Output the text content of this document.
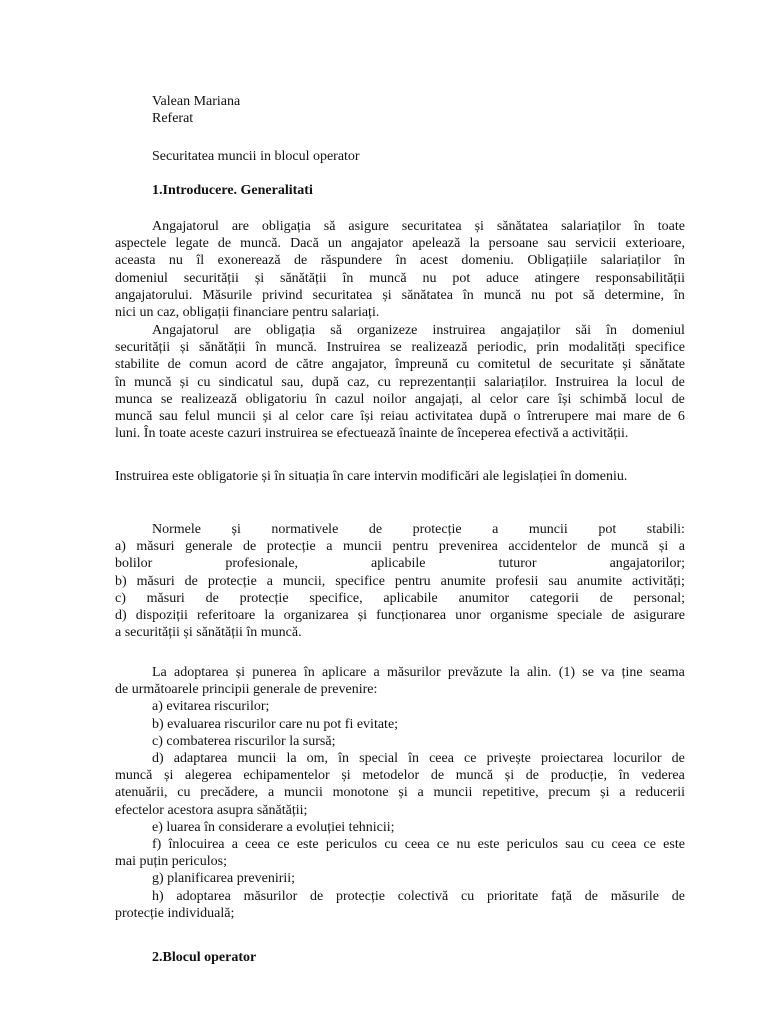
Valean Mariana
Referat
Securitatea muncii in blocul operator
1.Introducere. Generalitati
Angajatorul are obligația să asigure securitatea și sănătatea salariaților în toate
aspectele legate de muncă. Dacă un angajator apelează la persoane sau servicii exterioare,
aceasta nu îl exonerează de răspundere în acest domeniu. Obligațiile salariaților în
domeniul securității și sănătății în muncă nu pot aduce atingere responsabilității
angajatorului. Măsurile privind securitatea și sănătatea în muncă nu pot să determine, în
nici un caz, obligații financiare pentru salariați.
Angajatorul are obligația să organizeze instruirea angajaților săi în domeniul
securității și sănătății în muncă. Instruirea se realizează periodic, prin modalități specifice
stabilite de comun acord de către angajator, împreună cu comitetul de securitate și sănătate
în muncă și cu sindicatul sau, după caz, cu reprezentanții salariaților. Instruirea la locul de
munca se realizează obligatoriu în cazul noilor angajați, al celor care își schimbă locul de
muncă sau felul muncii și al celor care își reiau activitatea după o întrerupere mai mare de 6
luni. În toate aceste cazuri instruirea se efectuează înainte de începerea efectivă a activității.
Instruirea este obligatorie și în situația în care intervin modificări ale legislației în domeniu.
Normele și normativele de protecție a muncii pot stabili:
a) măsuri generale de protecție a muncii pentru prevenirea accidentelor de muncă și a
bolilor	profesionale,	aplicabile	tuturor	angajatorilor;
b) măsuri de protecție a muncii, specifice pentru anumite profesii sau anumite activități;
c) măsuri de protecție specifice, aplicabile anumitor categorii de personal;
d) dispoziții referitoare la organizarea și funcționarea unor organisme speciale de asigurare
a securității și sănătății în muncă.
La adoptarea și punerea în aplicare a măsurilor prevăzute la alin. (1) se va ține seama
de următoarele principii generale de prevenire:
a) evitarea riscurilor;
b) evaluarea riscurilor care nu pot fi evitate;
c) combaterea riscurilor la sursă;
d) adaptarea muncii la om, în special în ceea ce privește proiectarea locurilor de
muncă și alegerea echipamentelor și metodelor de muncă și de producție, în vederea
atenuării, cu precădere, a muncii monotone și a muncii repetitive, precum și a reducerii
efectelor acestora asupra sănătății;
e) luarea în considerare a evoluției tehnicii;
f) înlocuirea a ceea ce este periculos cu ceea ce nu este periculos sau cu ceea ce este
mai puțin periculos;
g) planificarea prevenirii;
h) adoptarea măsurilor de protecție colectivă cu prioritate față de măsurile de
protecție individuală;
2.Blocul operator
